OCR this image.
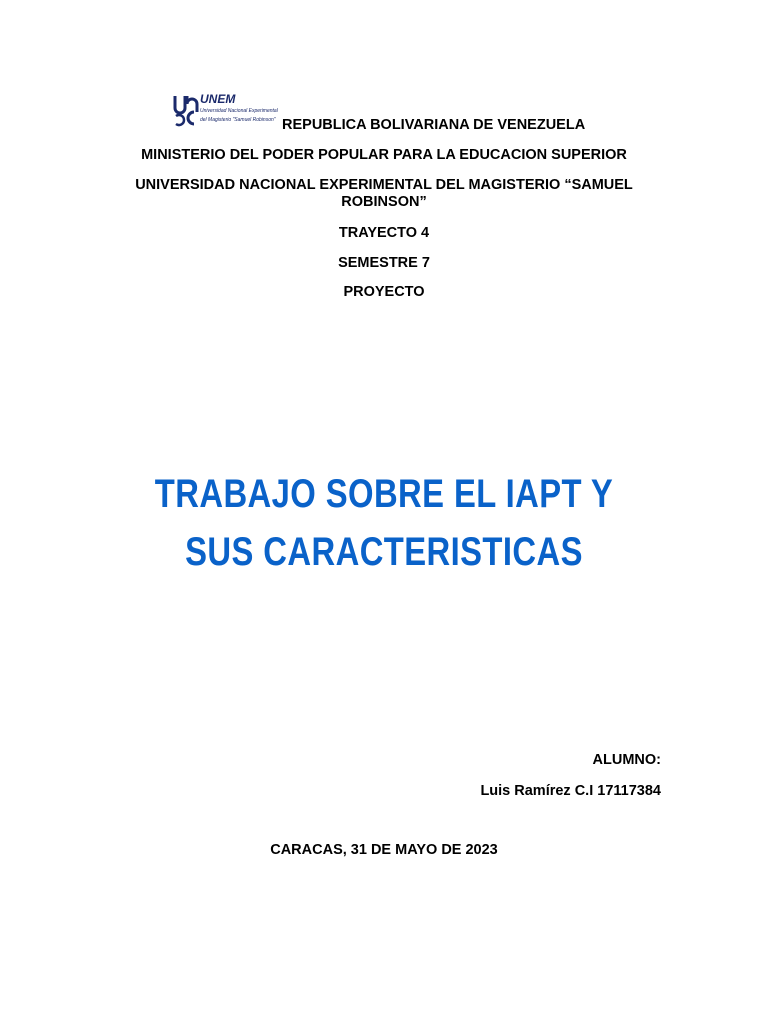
UNEM
Universidad Nacional Experimental
del Magisterio "Samuel Robinson" REPUBLICA BOLIVARIANA DE VENEZUELA
MINISTERIO DEL PODER POPULAR PARA LA EDUCACION SUPERIOR
UNIVERSIDAD NACIONAL EXPERIMENTAL DEL MAGISTERIO “SAMUEL
ROBINSON”
TRAYECTO 4
SEMESTRE 7
PROYECTO
TRABAJO SOBRE EL IAPT Y
SUS CARACTERISTICAS
ALUMNO:
Luis Ramírez C.I 17117384
CARACAS, 31 DE MAYO DE 2023
